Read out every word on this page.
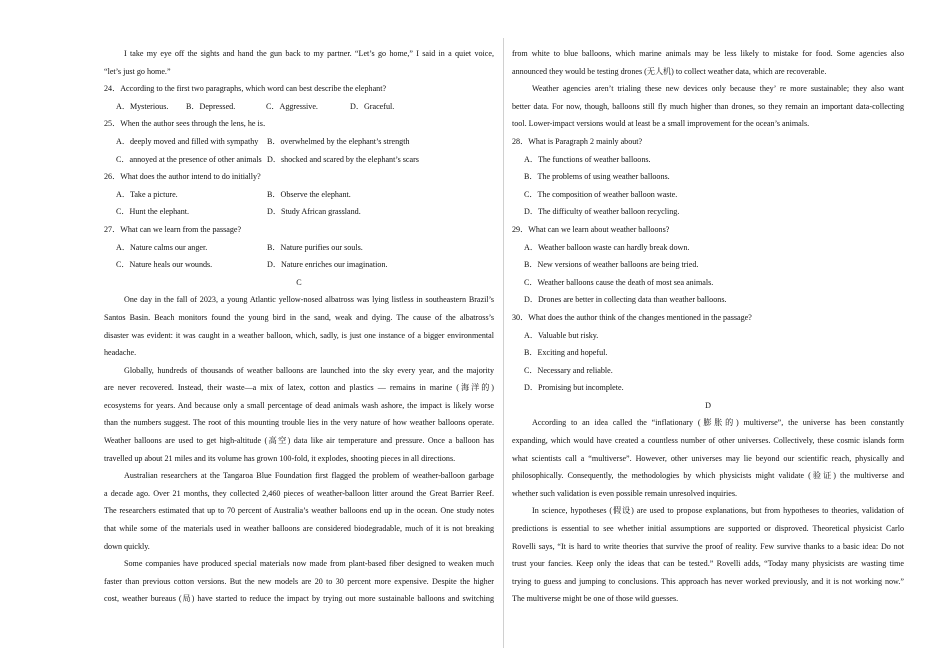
I take my eye off the sights and hand the gun back to my partner. “Let’s go home,” I said in a quiet voice,
“let’s just go home.”
24．According to the first two paragraphs, which word can best describe the elephant?
A．Mysterious.	B．Depressed.	C．Aggressive.	D．Graceful.
25．When the author sees through the lens, he is．
A．deeply moved and filled with sympathy	B．overwhelmed by the elephant’s strength
C．annoyed at the presence of other animals D．shocked and scared by the elephant’s scars
26．What does the author intend to do initially?
A．Take a picture.	B．Observe the elephant.
C．Hunt the elephant.	D．Study African grassland.
27．What can we learn from the passage?
A．Nature calms our anger.	B．Nature purifies our souls.
C．Nature heals our wounds.	D．Nature enriches our imagination.
C
One day in the fall of 2023, a young Atlantic yellow-nosed albatross was lying listless in southeastern Brazil’s
Santos Basin. Beach monitors found the young bird in the sand, weak and dying. The cause of the albatross’s
disaster was evident: it was caught in a weather balloon, which, sadly, is just one instance of a bigger environmental
headache.
Globally, hundreds of thousands of weather balloons are launched into the sky every year, and the majority
are never recovered. Instead, their waste—a mix of latex, cotton and plastics — remains in marine (海洋的)
ecosystems for years. And because only a small percentage of dead animals wash ashore, the impact is likely worse
than the numbers suggest. The root of this mounting trouble lies in the very nature of how weather balloons operate.
Weather balloons are used to get high-altitude (高空) data like air temperature and pressure. Once a balloon has
travelled up about 21 miles and its volume has grown 100-fold, it explodes, shooting pieces in all directions.
Australian researchers at the Tangaroa Blue Foundation first flagged the problem of weather-balloon garbage
a decade ago. Over 21 months, they collected 2,460 pieces of weather-balloon litter around the Great Barrier Reef.
The researchers estimated that up to 70 percent of Australia’s weather balloons end up in the ocean. One study notes
that while some of the materials used in weather balloons are considered biodegradable, much of it is not breaking
down quickly.
Some companies have produced special materials now made from plant-based fiber designed to weaken much
faster than previous cotton versions. But the new models are 20 to 30 percent more expensive. Despite the higher
cost, weather bureaus (局) have started to reduce the impact by trying out more sustainable balloons and switching
from white to blue balloons, which marine animals may be less likely to mistake for food. Some agencies also
announced they would be testing drones (无人机) to collect weather data, which are recoverable.
Weather agencies aren’t trialing these new devices only because they’ re more sustainable; they also want
better data. For now, though, balloons still fly much higher than drones, so they remain an important data-collecting
tool. Lower-impact versions would at least be a small improvement for the ocean’s animals.
28．What is Paragraph 2 mainly about?
A．The functions of weather balloons.
B．The problems of using weather balloons.
C．The composition of weather balloon waste.
D．The difficulty of weather balloon recycling.
29．What can we learn about weather balloons?
A．Weather balloon waste can hardly break down.
B．New versions of weather balloons are being tried.
C．Weather balloons cause the death of most sea animals.
D．Drones are better in collecting data than weather balloons.
30．What does the author think of the changes mentioned in the passage?
A．Valuable but risky.
B．Exciting and hopeful.
C．Necessary and reliable.
D．Promising but incomplete.
D
According to an idea called the “inflationary (膨胀的) multiverse”, the universe has been constantly
expanding, which would have created a countless number of other universes. Collectively, these cosmic islands form
what scientists call a “multiverse”. However, other universes may lie beyond our scientific reach, physically and
philosophically. Consequently, the methodologies by which physicists might validate (验证) the multiverse and
whether such validation is even possible remain unresolved inquiries.
In science, hypotheses (假设) are used to propose explanations, but from hypotheses to theories, validation of
predictions is essential to see whether initial assumptions are supported or disproved. Theoretical physicist Carlo
Rovelli says, “It is hard to write theories that survive the proof of reality. Few survive thanks to a basic idea: Do not
trust your fancies. Keep only the ideas that can be tested.” Rovelli adds, “Today many physicists are wasting time
trying to guess and jumping to conclusions. This approach has never worked previously, and it is not working now.”
The multiverse might be one of those wild guesses.
